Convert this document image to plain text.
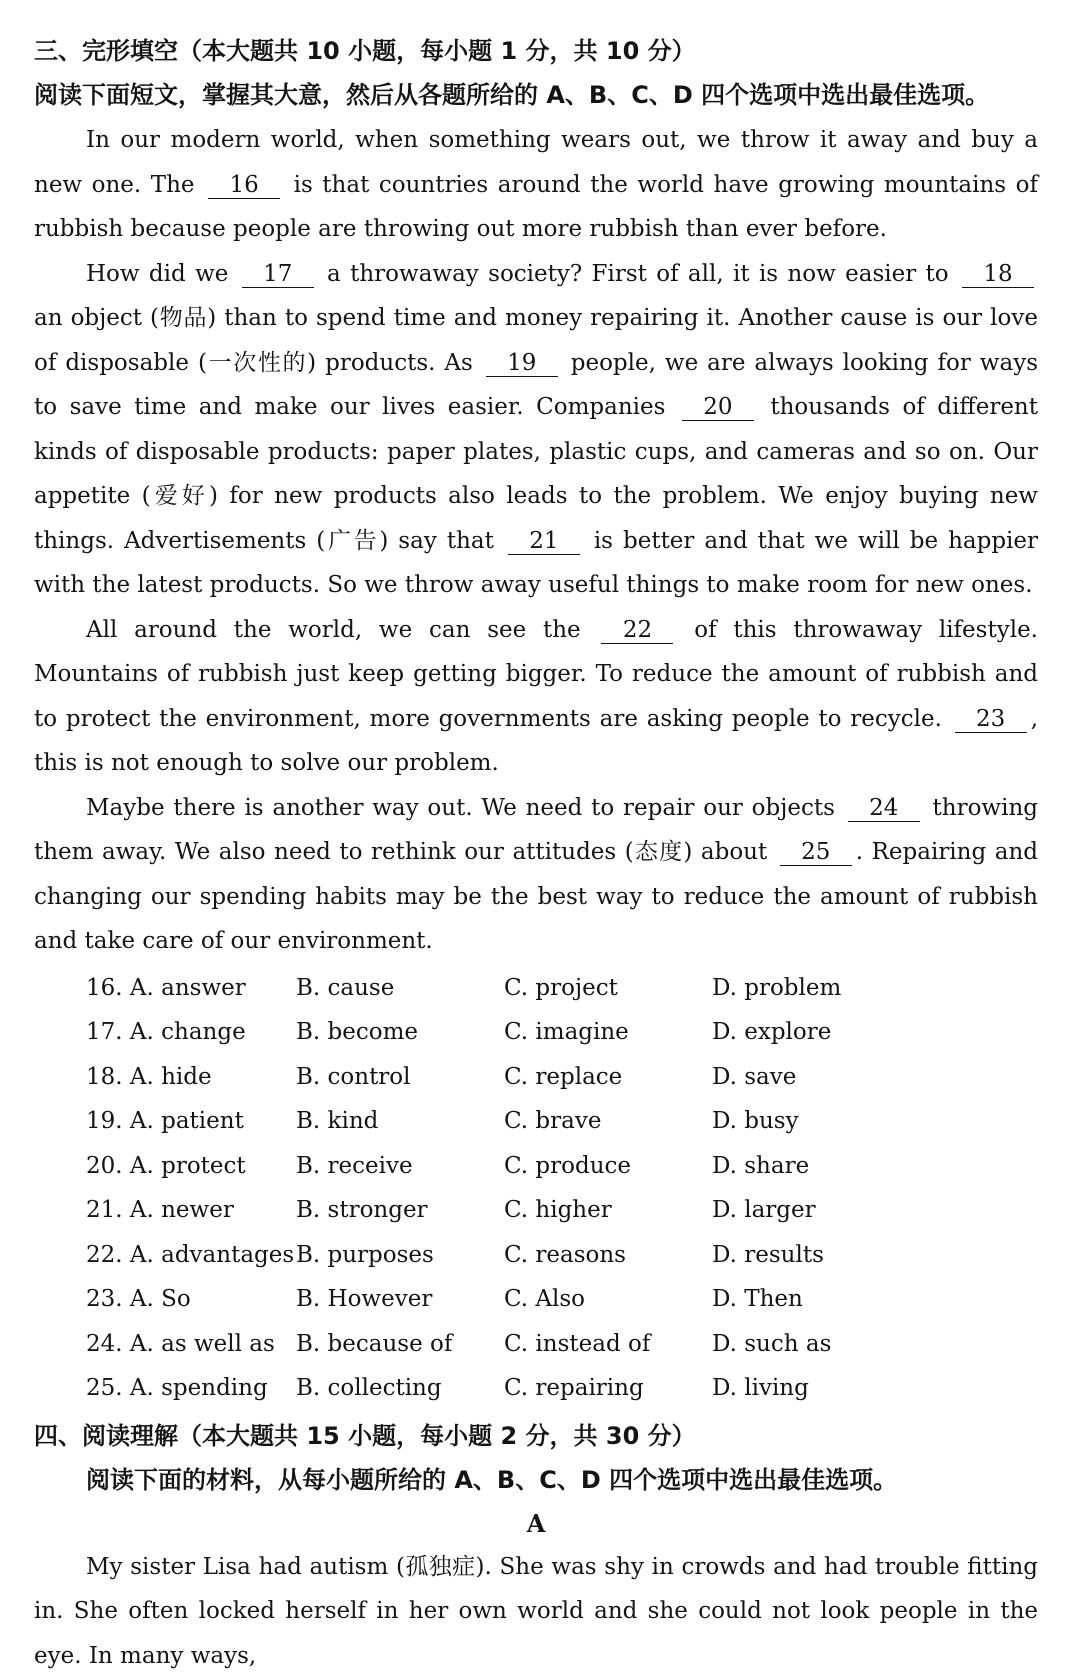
三、完形填空（本大题共 10 小题，每小题 1 分，共 10 分）
阅读下面短文，掌握其大意，然后从各题所给的 A、B、C、D 四个选项中选出最佳选项。

In our modern world, when something wears out, we throw it away and buy a new one. The 16 is that countries around the world have growing mountains of rubbish because people are throwing out more rubbish than ever before.

How did we 17 a throwaway society? First of all, it is now easier to 18 an object (物品) than to spend time and money repairing it. Another cause is our love of disposable (一次性的) products. As 19 people, we are always looking for ways to save time and make our lives easier. Companies 20 thousands of different kinds of disposable products: paper plates, plastic cups, and cameras and so on. Our appetite (爱好) for new products also leads to the problem. We enjoy buying new things. Advertisements (广告) say that 21 is better and that we will be happier with the latest products. So we throw away useful things to make room for new ones.

All around the world, we can see the 22 of this throwaway lifestyle. Mountains of rubbish just keep getting bigger. To reduce the amount of rubbish and to protect the environment, more governments are asking people to recycle. 23 , this is not enough to solve our problem.

Maybe there is another way out. We need to repair our objects 24 throwing them away. We also need to rethink our attitudes (态度) about 25 . Repairing and changing our spending habits may be the best way to reduce the amount of rubbish and take care of our environment.

16. A. answer	B. cause	C. project	D. problem
17. A. change	B. become	C. imagine	D. explore
18. A. hide	B. control	C. replace	D. save
19. A. patient	B. kind	C. brave	D. busy
20. A. protect	B. receive	C. produce	D. share
21. A. newer	B. stronger	C. higher	D. larger
22. A. advantages B. purposes	C. reasons	D. results
23. A. So	B. However	C. Also	D. Then
24. A. as well as B. because of	C. instead of	D. such as
25. A. spending	B. collecting	C. repairing	D. living
四、阅读理解（本大题共 15 小题，每小题 2 分，共 30 分）
阅读下面的材料，从每小题所给的 A、B、C、D 四个选项中选出最佳选项。
A

My sister Lisa had autism (孤独症). She was shy in crowds and had trouble fitting in. She often locked herself in her own world and she could not look people in the eye. In many ways,
